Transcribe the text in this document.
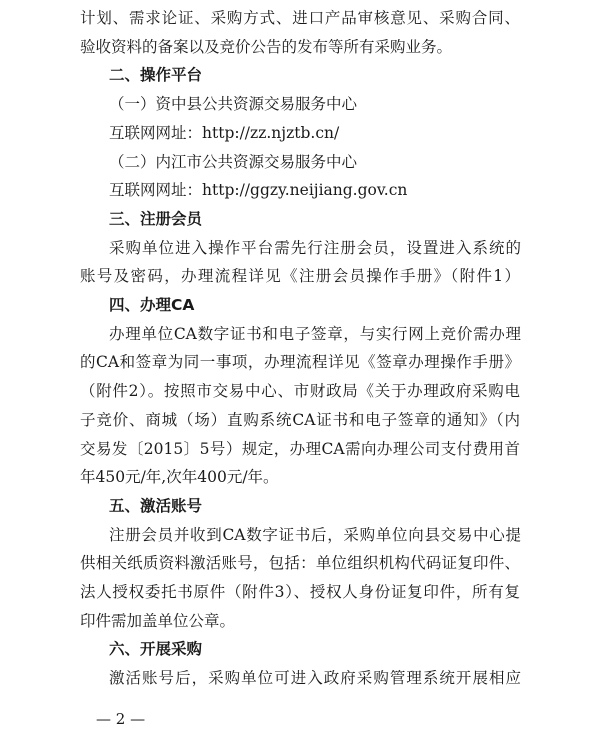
计划、需求论证、采购方式、进口产品审核意见、采购合同、
验收资料的备案以及竞价公告的发布等所有采购业务。
二、操作平台
（一）资中县公共资源交易服务中心
互联网网址：http://zz.njztb.cn/
（二）内江市公共资源交易服务中心
互联网网址：http://ggzy.neijiang.gov.cn
三、注册会员
采购单位进入操作平台需先行注册会员，设置进入系统的
账号及密码，办理流程详见《注册会员操作手册》（附件1）
四、办理CA
办理单位CA数字证书和电子签章，与实行网上竞价需办理
的CA和签章为同一事项，办理流程详见《签章办理操作手册》
（附件2）。按照市交易中心、市财政局《关于办理政府采购电
子竞价、商城（场）直购系统CA证书和电子签章的通知》（内
交易发〔2015〕5号）规定，办理CA需向办理公司支付费用首
年450元/年,次年400元/年。
五、激活账号
注册会员并收到CA数字证书后，采购单位向县交易中心提
供相关纸质资料激活账号，包括：单位组织机构代码证复印件、
法人授权委托书原件（附件3）、授权人身份证复印件，所有复
印件需加盖单位公章。
六、开展采购
激活账号后，采购单位可进入政府采购管理系统开展相应
— 2 —
